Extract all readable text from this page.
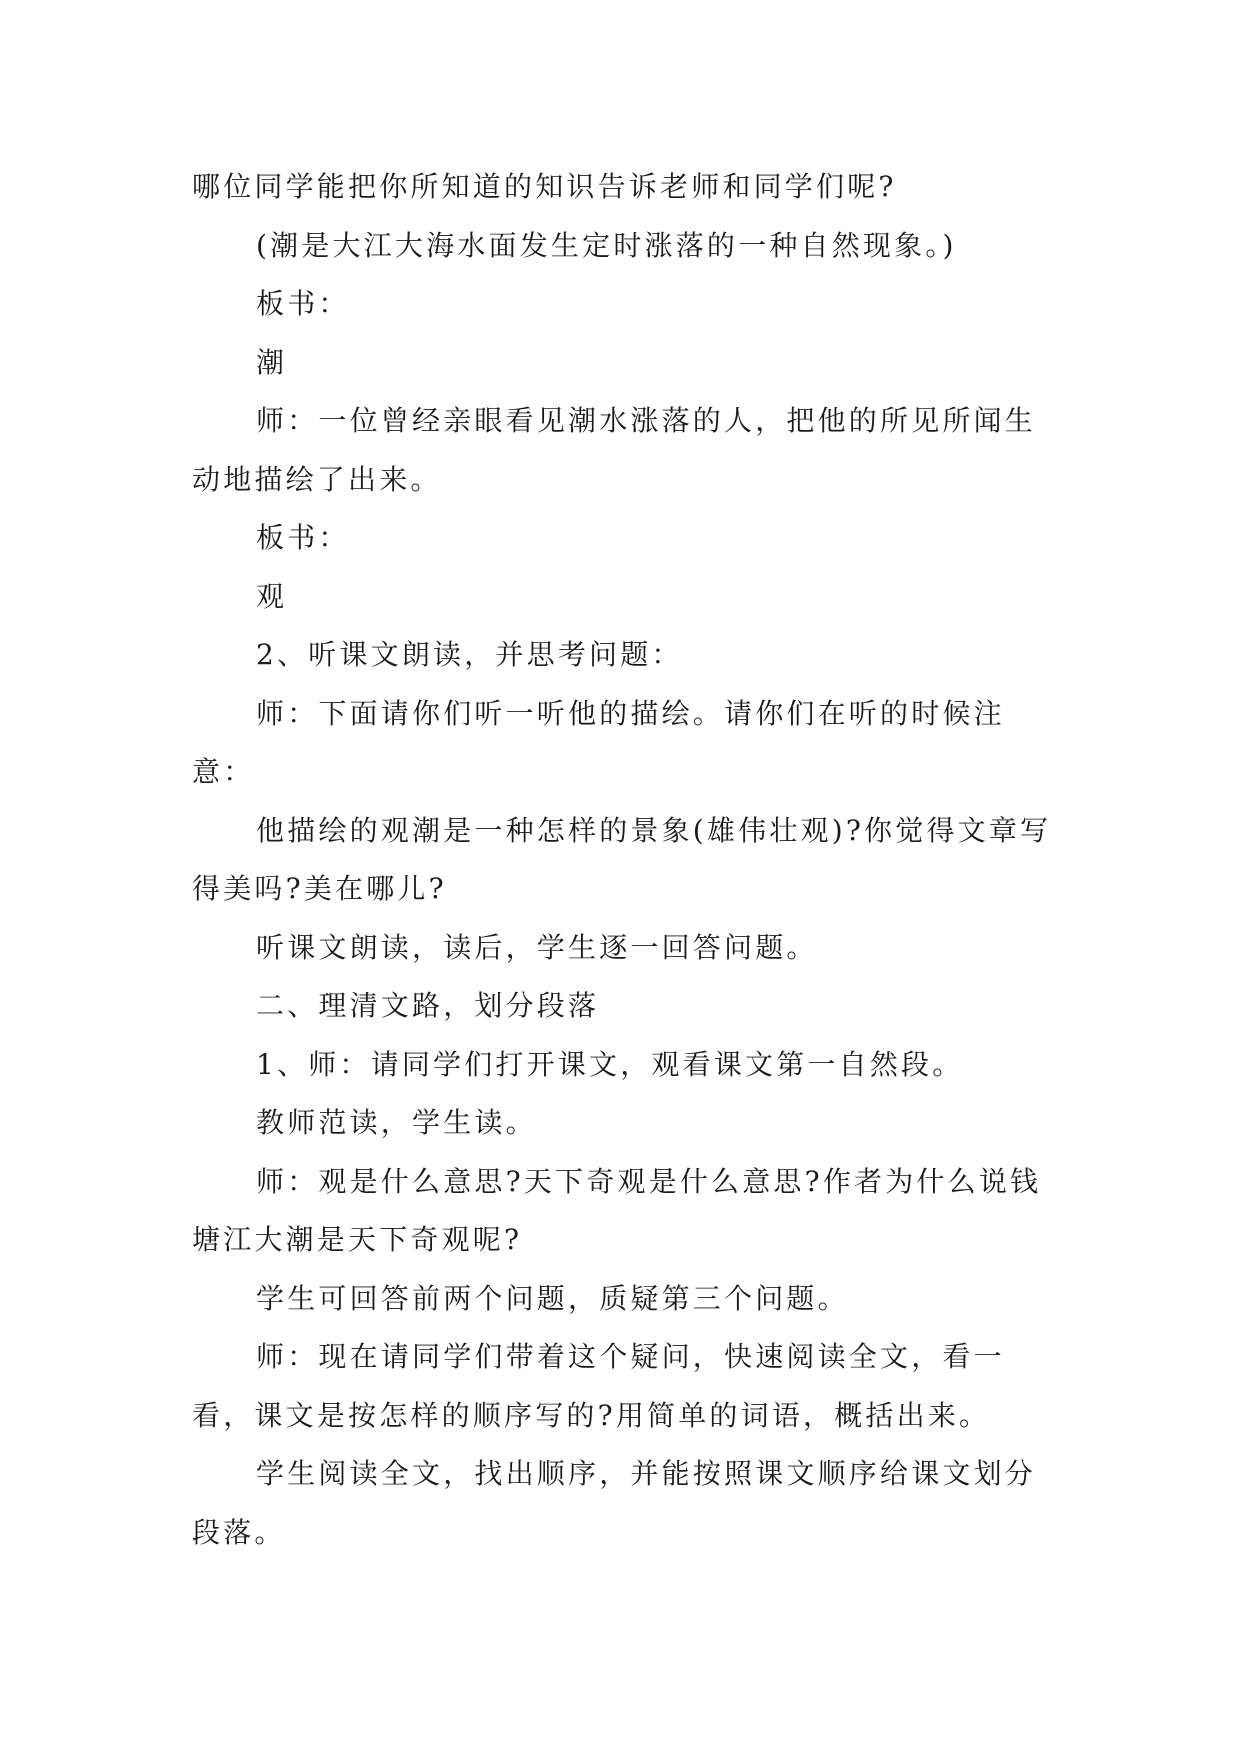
哪位同学能把你所知道的知识告诉老师和同学们呢?

(潮是大江大海水面发生定时涨落的一种自然现象。)

板书：

潮

师：一位曾经亲眼看见潮水涨落的人，把他的所见所闻生动地描绘了出来。

板书：

观

2、听课文朗读，并思考问题：

师：下面请你们听一听他的描绘。请你们在听的时候注意：

他描绘的观潮是一种怎样的景象(雄伟壮观)?你觉得文章写得美吗?美在哪儿?

听课文朗读，读后，学生逐一回答问题。

二、理清文路，划分段落

1、师：请同学们打开课文，观看课文第一自然段。

教师范读，学生读。

师：观是什么意思?天下奇观是什么意思?作者为什么说钱塘江大潮是天下奇观呢?

学生可回答前两个问题，质疑第三个问题。

师：现在请同学们带着这个疑问，快速阅读全文，看一看，课文是按怎样的顺序写的?用简单的词语，概括出来。

学生阅读全文，找出顺序，并能按照课文顺序给课文划分段落。
